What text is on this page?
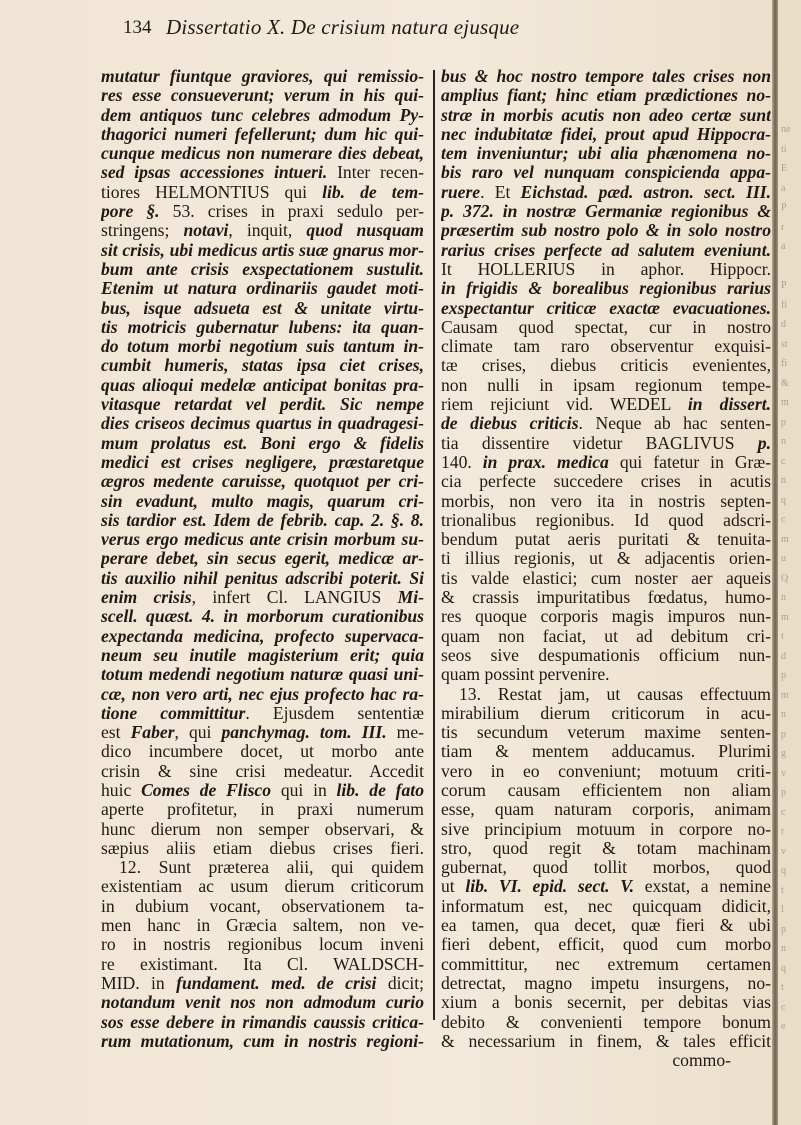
134 Dissertatio X. De crisium natura ejusque
mutatur fiuntque graviores, qui remissio-
res esse consueverunt; verum in his qui-
dem antiquos tunc celebres admodum Py-
thagorici numeri fefellerunt; dum hic qui-
cunque medicus non numerare dies debeat,
sed ipsas accessiones intueri. Inter recen-
tiores HELMONTIUS qui lib. de tem-
pore §. 53. crises in praxi sedulo per-
stringens; notavi, inquit, quod nusquam
sit crisis, ubi medicus artis suæ gnarus mor-
bum ante crisis exspectationem sustulit.
Etenim ut natura ordinariis gaudet moti-
bus, isque adsueta est & unitate virtu-
tis motricis gubernatur lubens: ita quan-
do totum morbi negotium suis tantum in-
cumbit humeris, statas ipsa ciet crises,
quas alioqui medelæ anticipat bonitas pra-
vitasque retardat vel perdit. Sic nempe
dies criseos decimus quartus in quadragesi-
mum prolatus est. Boni ergo & fidelis
medici est crises negligere, præstaretque
ægros medente caruisse, quotquot per cri-
sin evadunt, multo magis, quarum cri-
sis tardior est. Idem de febrib. cap. 2. §. 8.
verus ergo medicus ante crisin morbum su-
perare debet, sin secus egerit, medicæ ar-
tis auxilio nihil penitus adscribi poterit. Si
enim crisis, infert Cl. LANGIUS Mi-
scell. quæst. 4. in morborum curationibus
expectanda medicina, profecto supervaca-
neum seu inutile magisterium erit; quia
totum medendi negotium naturæ quasi uni-
cæ, non vero arti, nec ejus profecto hac ra-
tione committitur. Ejusdem sententiæ
est Faber, qui panchymag. tom. III. me-
dico incumbere docet, ut morbo ante
crisin & sine crisi medeatur. Accedit
huic Comes de Flisco qui in lib. de fato
aperte profitetur, in praxi numerum
hunc dierum non semper observari, &
sæpius aliis etiam diebus crises fieri.
12. Sunt præterea alii, qui quidem
existentiam ac usum dierum criticorum
in dubium vocant, observationem ta-
men hanc in Græcia saltem, non ve-
ro in nostris regionibus locum inveni
re existimant. Ita Cl. WALDSCH-
MID. in fundament. med. de crisi dicit;
notandum venit nos non admodum curio
sos esse debere in rimandis caussis critica-
rum mutationum, cum in nostris regioni-
bus & hoc nostro tempore tales crises non
amplius fiant; hinc etiam prædictiones no-
stræ in morbis acutis non adeo certæ sunt
nec indubitatæ fidei, prout apud Hippocra-
tem inveniuntur; ubi alia phænomena no-
bis raro vel nunquam conspicienda appa-
ruere. Et Eichstad. pæd. astron. sect. III.
p. 372. in nostræ Germaniæ regionibus &
præsertim sub nostro polo & in solo nostro
rarius crises perfecte ad salutem eveniunt.
It HOLLERIUS in aphor. Hippocr.
in frigidis & borealibus regionibus rarius
exspectantur criticæ exactæ evacuationes.
Causam quod spectat, cur in nostro
climate tam raro observentur exquisi-
tæ crises, diebus criticis evenientes,
non nulli in ipsam regionum tempe-
riem rejiciunt vid. WEDEL in dissert.
de diebus criticis. Neque ab hac senten-
tia dissentire videtur BAGLIVUS p.
140. in prax. medica qui fatetur in Græ-
cia perfecte succedere crises in acutis
morbis, non vero ita in nostris septen-
trionalibus regionibus. Id quod adscri-
bendum putat aeris puritati & tenuita-
ti illius regionis, ut & adjacentis orien-
tis valde elastici; cum noster aer aqueis
& crassis impuritatibus fœdatus, humo-
res quoque corporis magis impuros nun-
quam non faciat, ut ad debitum cri-
seos sive despumationis officium nun-
quam possint pervenire.
13. Restat jam, ut causas effectuum
mirabilium dierum criticorum in acu-
tis secundum veterum maxime senten-
tiam & mentem adducamus. Plurimi
vero in eo conveniunt; motuum criti-
corum causam efficientem non aliam
esse, quam naturam corporis, animam
sive principium motuum in corpore no-
stro, quod regit & totam machinam
gubernat, quod tollit morbos, quod
ut lib. VI. epid. sect. V. exstat, a nemine
informatum est, nec quicquam didicit,
ea tamen, qua decet, quæ fieri & ubi
fieri debent, efficit, quod cum morbo
committitur, nec extremum certamen
detrectat, magno impetu insurgens, no-
xium a bonis secernit, per debitas vias
debito & convenienti tempore bonum
& necessarium in finem, & tales efficit
commo-
ne
ti
E
a
P
r
a

P
fi
d
st
fi
&
m
p
n
c
n
q
c
m
u
Q
n
m
t
d
p
m
n
p
g
v
p
c
r
v
q
t
l
p
n
q
t
c
e
